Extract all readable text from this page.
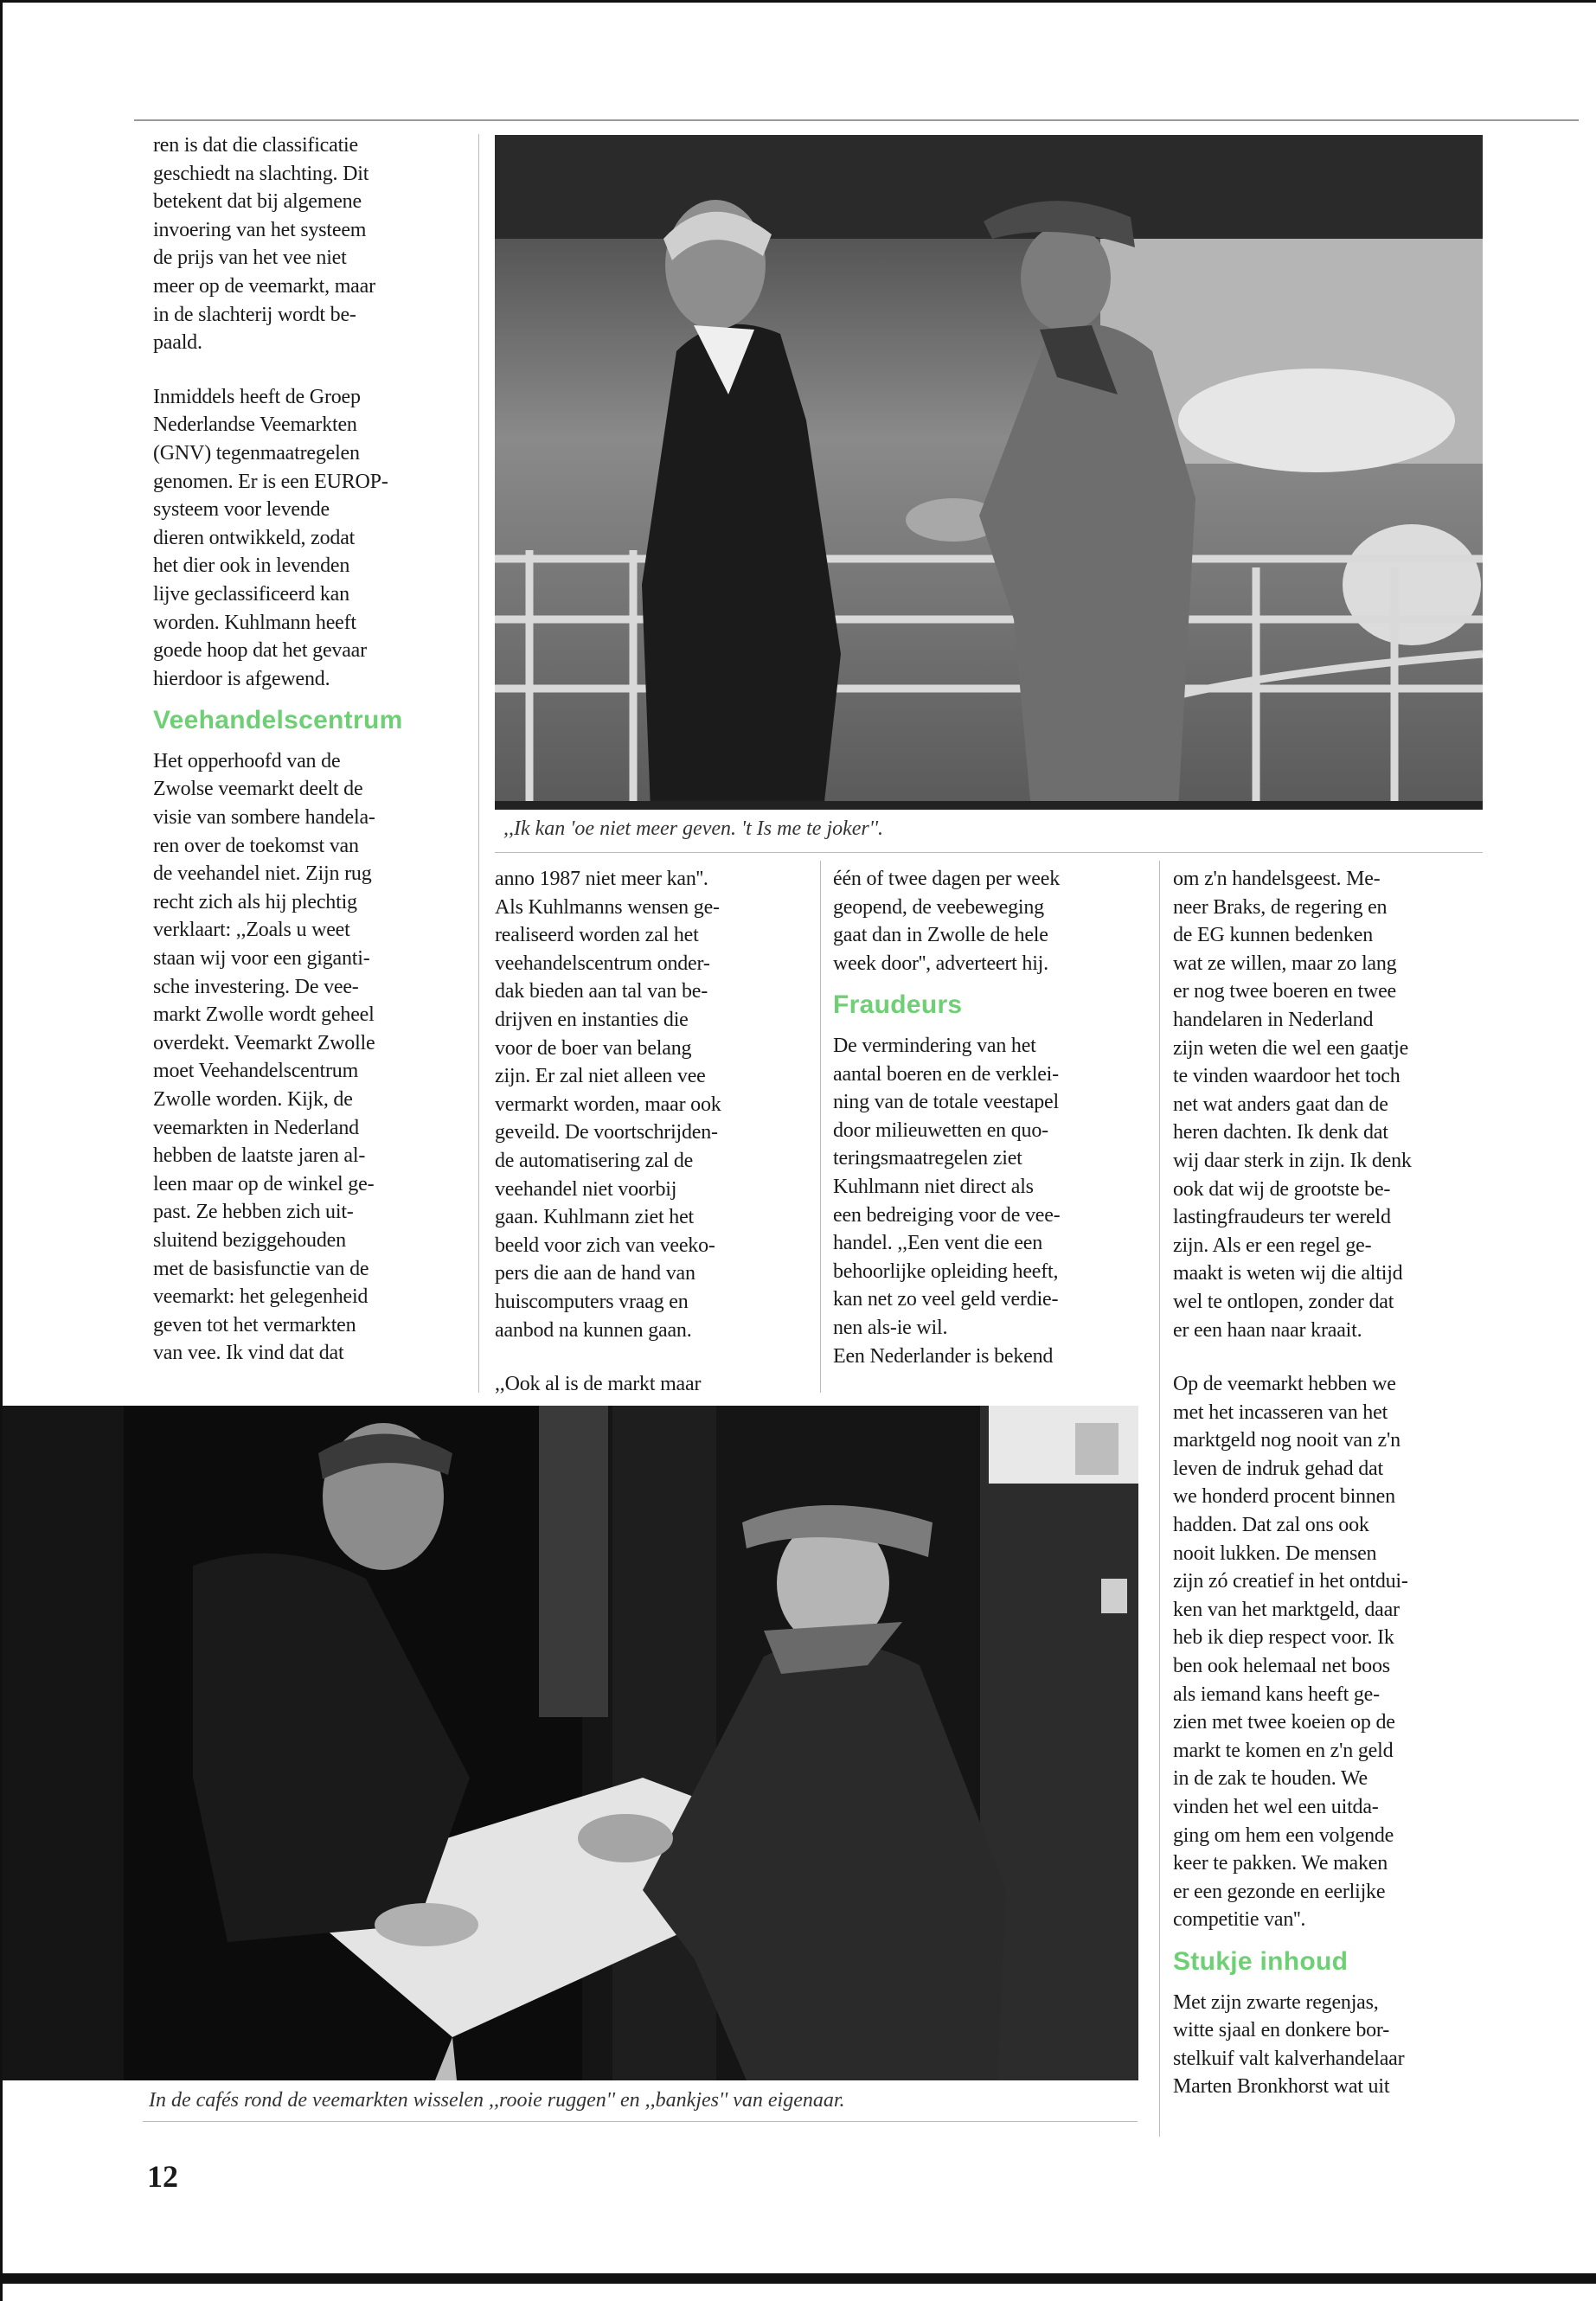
ren is dat die classificatie
geschiedt na slachting. Dit
betekent dat bij algemene
invoering van het systeem
de prijs van het vee niet
meer op de veemarkt, maar
in de slachterij wordt be-
paald.

Inmiddels heeft de Groep
Nederlandse Veemarkten
(GNV) tegenmaatregelen
genomen. Er is een EUROP-
systeem voor levende
dieren ontwikkeld, zodat
het dier ook in levenden
lijve geclassificeerd kan
worden. Kuhlmann heeft
goede hoop dat het gevaar
hierdoor is afgewend.

Veehandelscentrum

Het opperhoofd van de
Zwolse veemarkt deelt de
visie van sombere handela-
ren over de toekomst van
de veehandel niet. Zijn rug
recht zich als hij plechtig
verklaart: ,,Zoals u weet
staan wij voor een giganti-
sche investering. De vee-
markt Zwolle wordt geheel
overdekt. Veemarkt Zwolle
moet Veehandelscentrum
Zwolle worden. Kijk, de
veemarkten in Nederland
hebben de laatste jaren al-
leen maar op de winkel ge-
past. Ze hebben zich uit-
sluitend beziggehouden
met de basisfunctie van de
veemarkt: het gelegenheid
geven tot het vermarkten
van vee. Ik vind dat dat

,,Ik kan 'oe niet meer geven. 't Is me te joker''.

anno 1987 niet meer kan''.
Als Kuhlmanns wensen ge-
realiseerd worden zal het
veehandelscentrum onder-
dak bieden aan tal van be-
drijven en instanties die
voor de boer van belang
zijn. Er zal niet alleen vee
vermarkt worden, maar ook
geveild. De voortschrijden-
de automatisering zal de
veehandel niet voorbij
gaan. Kuhlmann ziet het
beeld voor zich van veeko-
pers die aan de hand van
huiscomputers vraag en
aanbod na kunnen gaan.

,,Ook al is de markt maar

één of twee dagen per week
geopend, de veebeweging
gaat dan in Zwolle de hele
week door'', adverteert hij.

Fraudeurs

De vermindering van het
aantal boeren en de verklei-
ning van de totale veestapel
door milieuwetten en quo-
teringsmaatregelen ziet
Kuhlmann niet direct als
een bedreiging voor de vee-
handel. ,,Een vent die een
behoorlijke opleiding heeft,
kan net zo veel geld verdie-
nen als-ie wil.
Een Nederlander is bekend

om z'n handelsgeest. Me-
neer Braks, de regering en
de EG kunnen bedenken
wat ze willen, maar zo lang
er nog twee boeren en twee
handelaren in Nederland
zijn weten die wel een gaatje
te vinden waardoor het toch
net wat anders gaat dan de
heren dachten. Ik denk dat
wij daar sterk in zijn. Ik denk
ook dat wij de grootste be-
lastingfraudeurs ter wereld
zijn. Als er een regel ge-
maakt is weten wij die altijd
wel te ontlopen, zonder dat
er een haan naar kraait.

Op de veemarkt hebben we
met het incasseren van het
marktgeld nog nooit van z'n
leven de indruk gehad dat
we honderd procent binnen
hadden. Dat zal ons ook
nooit lukken. De mensen
zijn zó creatief in het ontdui-
ken van het marktgeld, daar
heb ik diep respect voor. Ik
ben ook helemaal net boos
als iemand kans heeft ge-
zien met twee koeien op de
markt te komen en z'n geld
in de zak te houden. We
vinden het wel een uitda-
ging om hem een volgende
keer te pakken. We maken
er een gezonde en eerlijke
competitie van''.

Stukje inhoud

Met zijn zwarte regenjas,
witte sjaal en donkere bor-
stelkuif valt kalverhandelaar
Marten Bronkhorst wat uit

In de cafés rond de veemarkten wisselen ,,rooie ruggen'' en ,,bankjes'' van eigenaar.
12
